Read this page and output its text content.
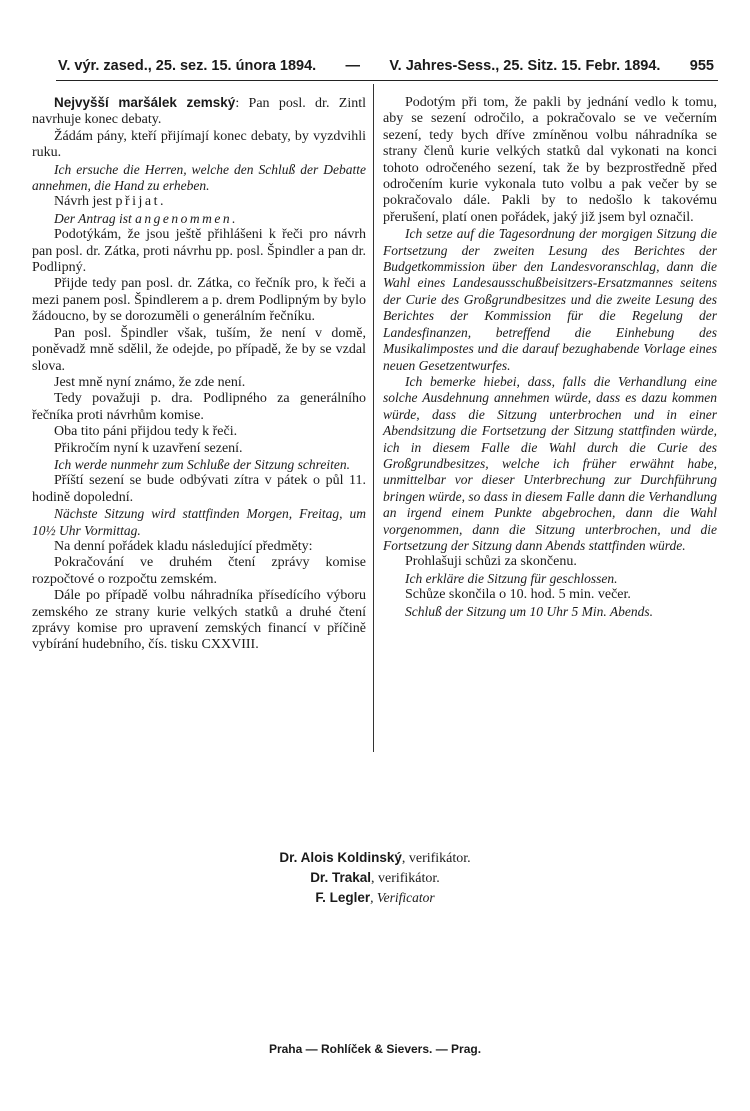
V. výr. zased., 25. sez. 15. února 1894. — V. Jahres-Sess., 25. Sitz. 15. Febr. 1894. 955

Nejvyšší maršálek zemský: Pan posl. dr. Zintl navrhuje konec debaty.

Žádám pány, kteří přijímají konec debaty, by vyzdvihli ruku.

Ich ersuche die Herren, welche den Schluß der Debatte annehmen, die Hand zu erheben.

Návrh jest přijat.

Der Antrag ist angenommen.

Podotýkám, že jsou ještě přihlášeni k řeči pro návrh pan posl. dr. Zátka, proti návrhu pp. posl. Špindler a pan dr. Podlipný.

Přijde tedy pan posl. dr. Zátka, co řečník pro, k řeči a mezi panem posl. Špindlerem a p. drem Podlipným by bylo žádoucno, by se dorozuměli o generálním řečníku.

Pan posl. Špindler však, tuším, že není v domě, poněvadž mně sdělil, že odejde, po případě, že by se vzdal slova.

Jest mně nyní známo, že zde není.

Tedy považuji p. dra. Podlipného za generálního řečníka proti návrhům komise.

Oba tito páni přijdou tedy k řeči.

Přikročím nyní k uzavření sezení.

Ich werde nunmehr zum Schluße der Sitzung schreiten.

Příští sezení se bude odbývati zítra v pátek o půl 11. hodině dopolední.

Nächste Sitzung wird stattfinden Morgen, Freitag, um 10½ Uhr Vormittag.

Na denní pořádek kladu následující předměty:

Pokračování ve druhém čtení zprávy komise rozpočtové o rozpočtu zemském.

Dále po případě volbu náhradníka přísedícího výboru zemského ze strany kurie velkých statků a druhé čtení zprávy komise pro upravení zemských financí v příčině vybírání hudebního, čís. tisku CXXVIII.

Podotým při tom, že pakli by jednání vedlo k tomu, aby se sezení odročilo, a pokračovalo se ve večerním sezení, tedy bych dříve zmíněnou volbu náhradníka se strany členů kurie velkých statků dal vykonati na konci tohoto odročeného sezení, tak že by bezprostředně před odročením kurie vykonala tuto volbu a pak večer by se pokračovalo dále. Pakli by to nedošlo k takovému přerušení, platí onen pořádek, jaký již jsem byl označil.

Ich setze auf die Tagesordnung der morgigen Sitzung die Fortsetzung der zweiten Lesung des Berichtes der Budgetkommission über den Landesvoranschlag, dann die Wahl eines Landesausschußbeisitzers-Ersatzmannes seitens der Curie des Großgrundbesitzes und die zweite Lesung des Berichtes der Kommission für die Regelung der Landesfinanzen, betreffend die Einhebung des Musikalimpostes und die darauf bezughabende Vorlage eines neuen Gesetzentwurfes.

Ich bemerke hiebei, dass, falls die Verhandlung eine solche Ausdehnung annehmen würde, dass es dazu kommen würde, dass die Sitzung unterbrochen und in einer Abendsitzung die Fortsetzung der Sitzung stattfinden würde, ich in diesem Falle die Wahl durch die Curie des Großgrundbesitzes, welche ich früher erwähnt habe, unmittelbar vor dieser Unterbrechung zur Durchführung bringen würde, so dass in diesem Falle dann die Verhandlung an irgend einem Punkte abgebrochen, dann die Wahl vorgenommen, dann die Sitzung unterbrochen, und die Fortsetzung der Sitzung dann Abends stattfinden würde.

Prohlašuji schůzi za skončenu.

Ich erkläre die Sitzung für geschlossen.

Schůze skončila o 10. hod. 5 min. večer.

Schluß der Sitzung um 10 Uhr 5 Min. Abends.

Dr. Alois Koldinský, verifikátor.
Dr. Trakal, verifikátor.
F. Legler, Verificator
Praha — Rohlíček & Sievers. — Prag.
